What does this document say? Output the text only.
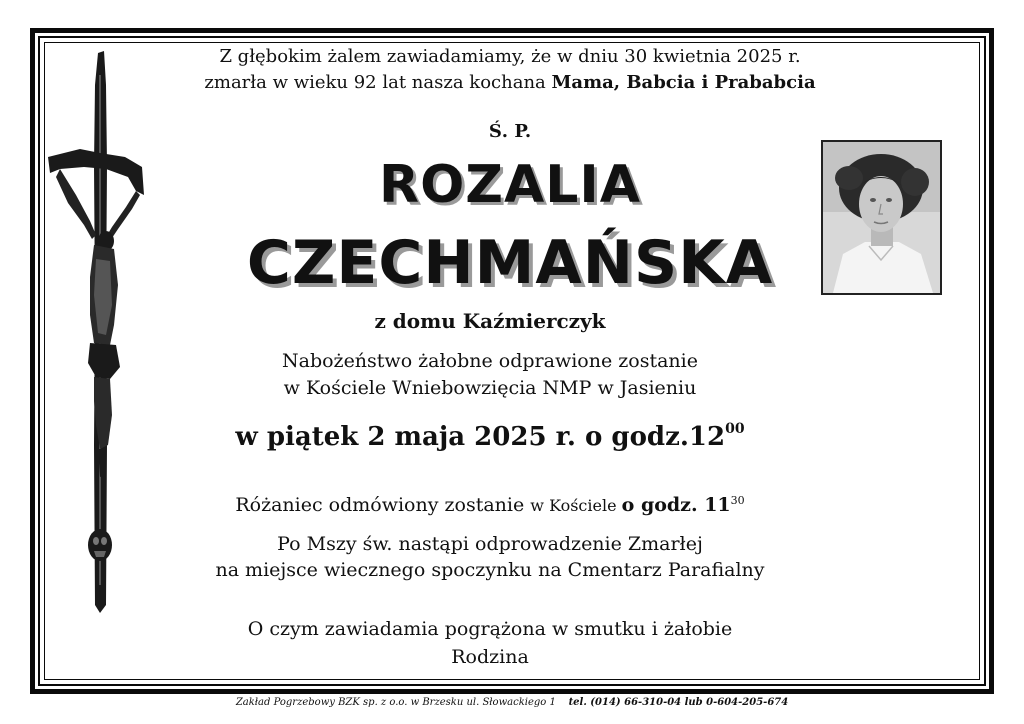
Z głębokim żalem zawiadamiamy, że w dniu 30 kwietnia 2025 r.
zmarła w wieku 92 lat nasza kochana Mama, Babcia i Prababcia
Ś. P.
ROZALIA
CZECHMAŃSKA
z domu Kaźmierczyk
Nabożeństwo żałobne odprawione zostanie
w Kościele Wniebowzięcia NMP w Jasieniu
w piątek 2 maja 2025 r. o $godz.12^{00}$
Różaniec odmówiony zostanie w Kościele o godz. $11^{30}$
Po Mszy św. nastąpi odprowadzenie Zmarłej
na miejsce wiecznego spoczynku na Cmentarz Parafialny
O czym zawiadamia pogrążona w smutku i żałobie
Rodzina
Zakład Pogrzebowy BZK sp. z o.o. w Brzesku ul. Słowackiego 1 tel. (014) 66-310-04 lub 0-604-205-674
